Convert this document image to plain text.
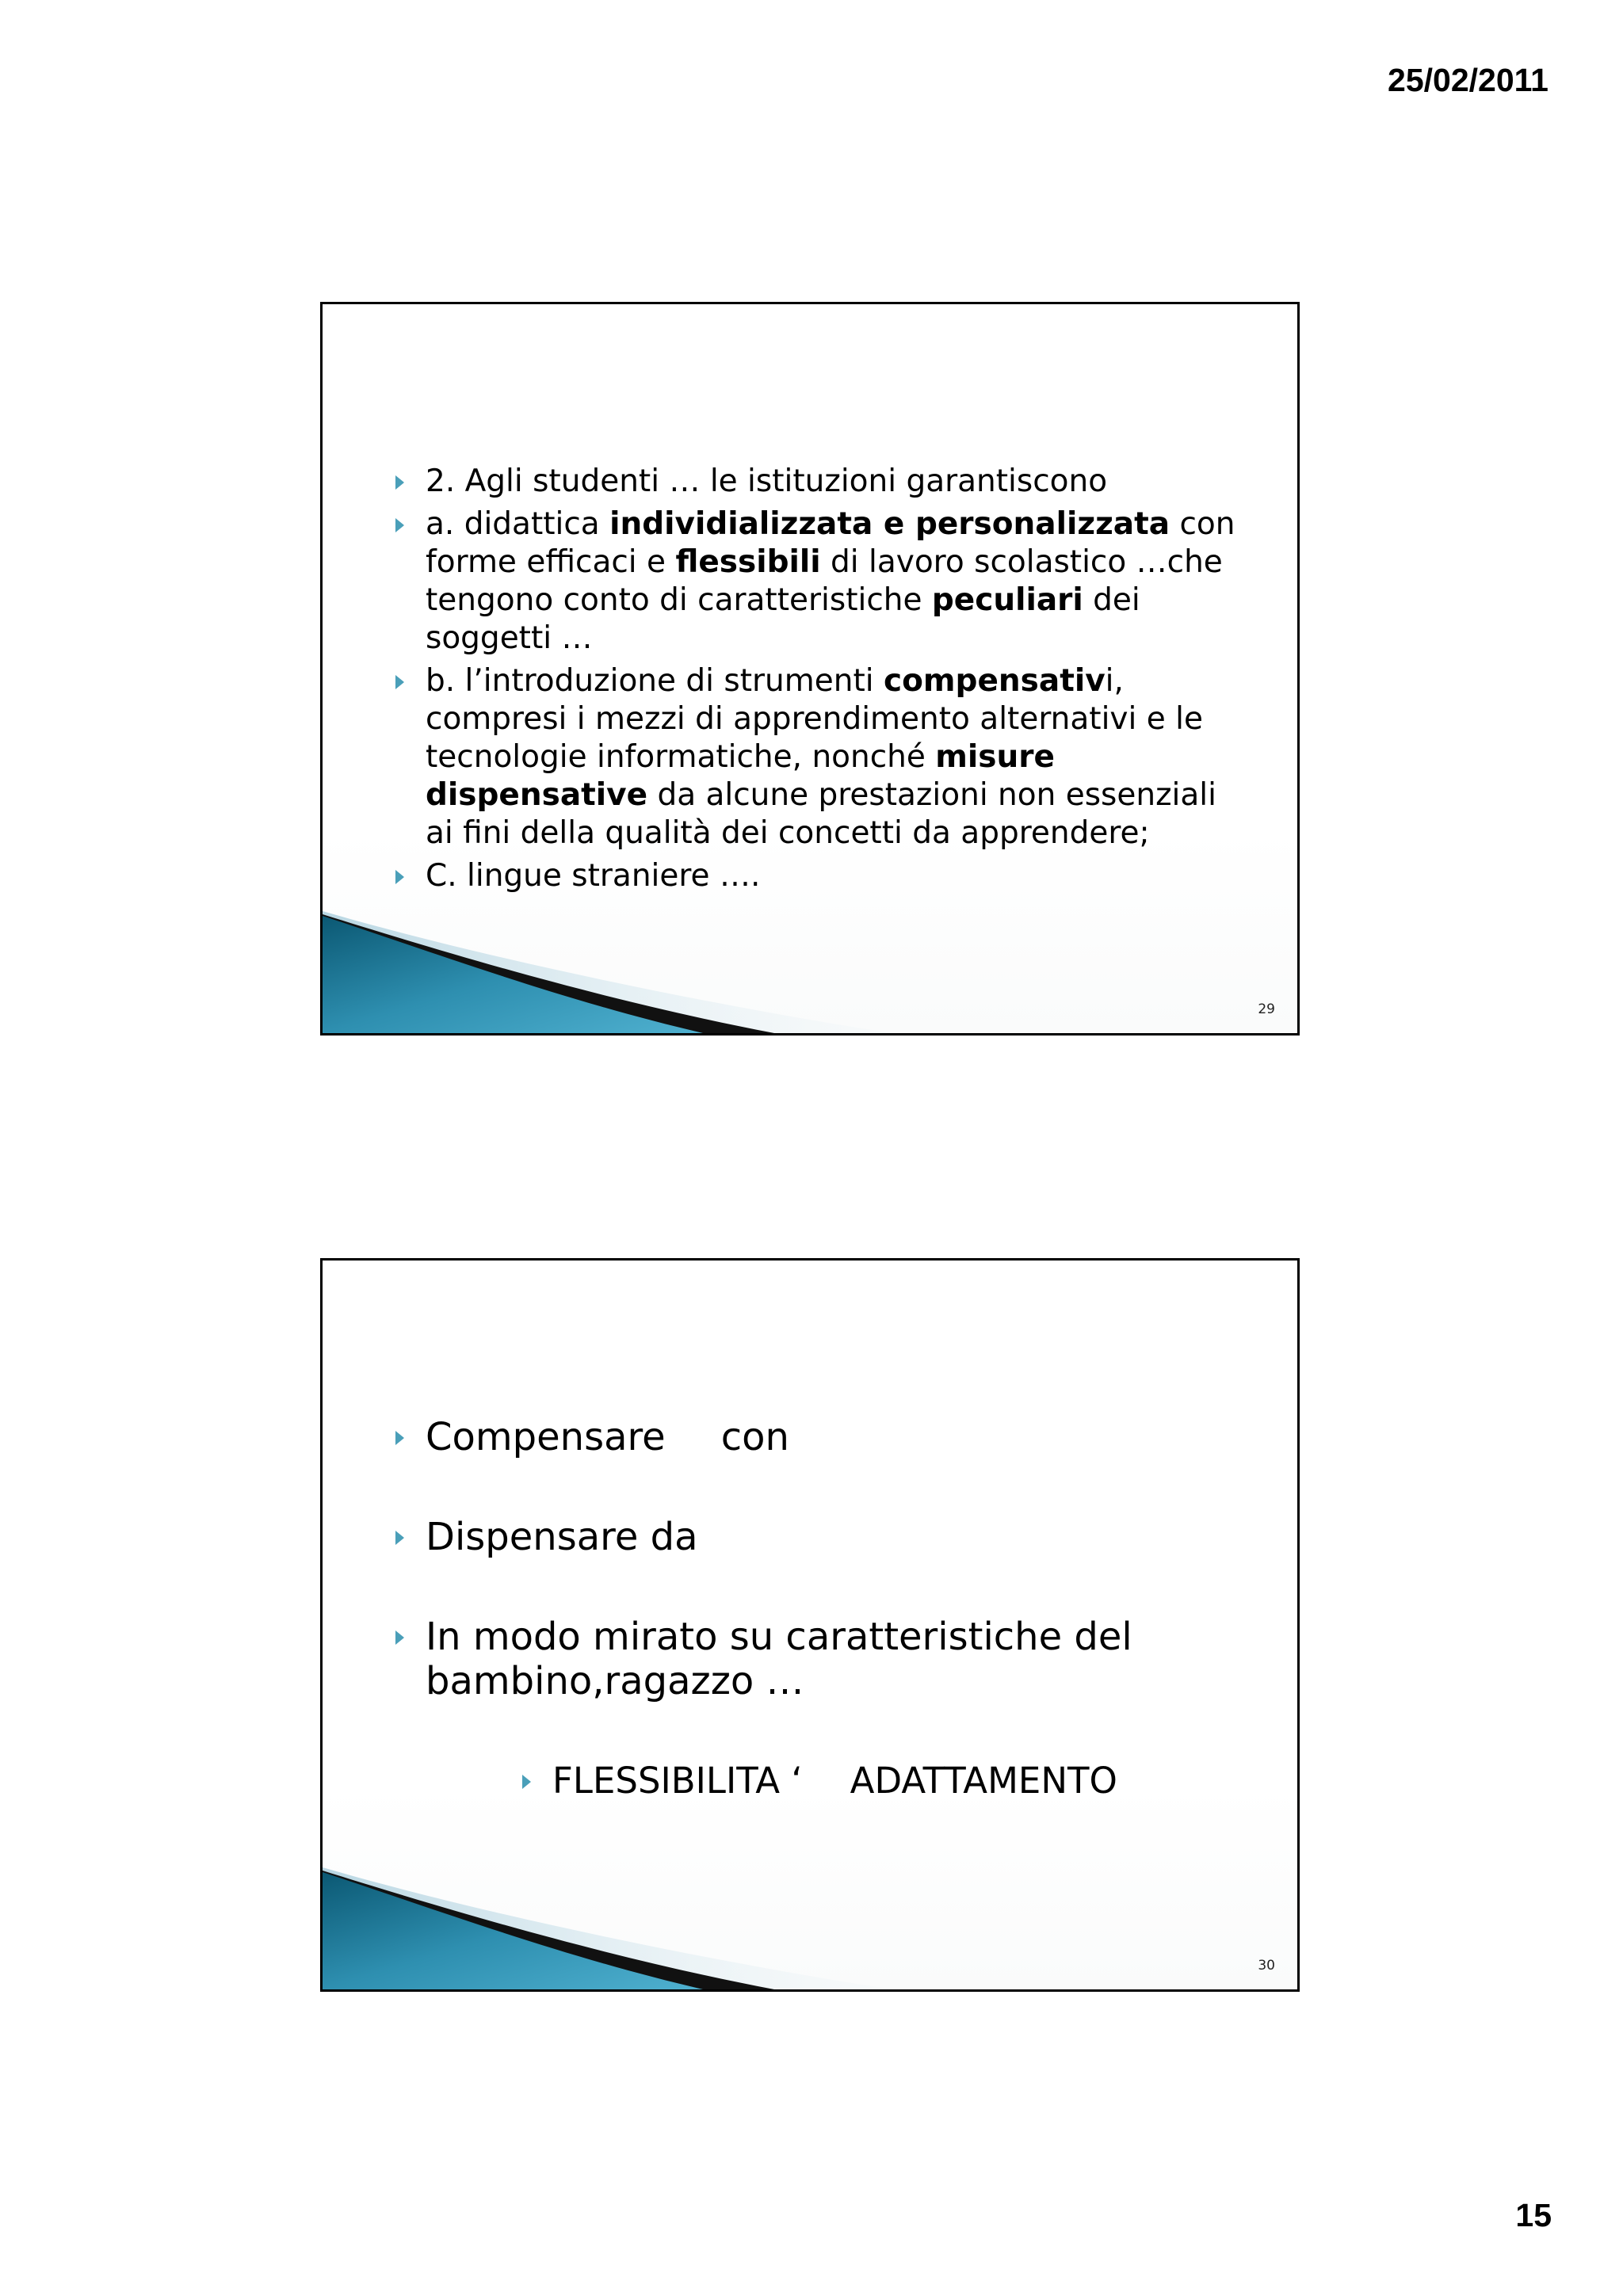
25/02/2011
2. Agli studenti … le istituzioni garantiscono
a. didattica individializzata e personalizzata con forme efficaci e flessibili di lavoro scolastico …che tengono conto di caratteristiche peculiari dei soggetti …
b. l’introduzione di strumenti compensativi, compresi i mezzi di apprendimento alternativi e le tecnologie informatiche, nonché misure dispensative da alcune prestazioni non essenziali ai fini della qualità dei concetti da apprendere;
C. lingue straniere ….
29
Compensare con
Dispensare da
In modo mirato su caratteristiche del bambino,ragazzo …
FLESSIBILITA ‘ ADATTAMENTO
30
15
